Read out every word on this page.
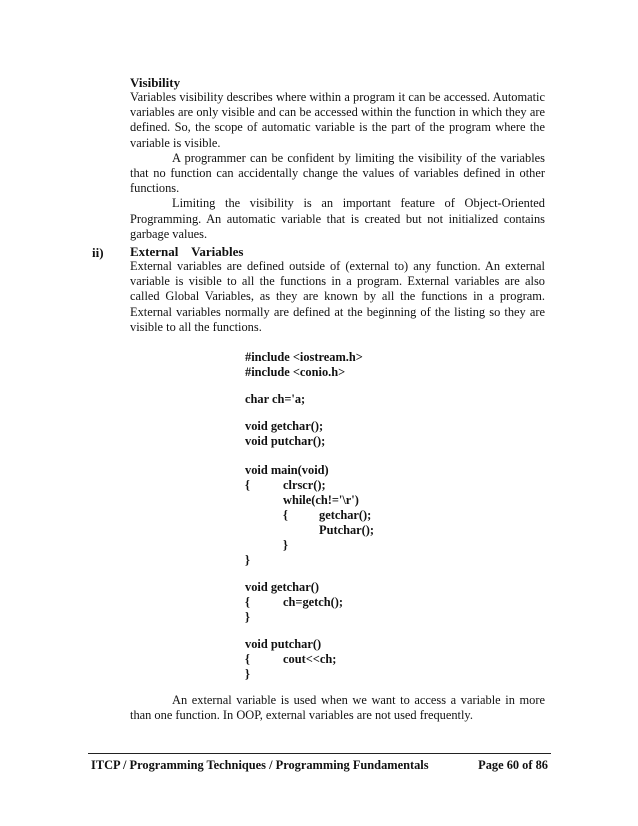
Visibility

Variables visibility describes where within a program it can be accessed. Automatic variables are only visible and can be accessed within the function in which they are defined. So, the scope of automatic variable is the part of the program where the variable is visible.

A programmer can be confident by limiting the visibility of the variables that no function can accidentally change the values of variables defined in other functions.

Limiting the visibility is an important feature of Object-Oriented Programming. An automatic variable that is created but not initialized contains garbage values.

ii) External    Variables

External variables are defined outside of (external to) any function. An external variable is visible to all the functions in a program. External variables are also called Global Variables, as they are known by all the functions in a program. External variables normally are defined at the beginning of the listing so they are visible to all the functions.

#include <iostream.h>
#include <conio.h>
char ch='a;
void getchar();
void putchar();
void main(void)
{	clrscr();
while(ch!='\r')
{	getchar();
Putchar();
}
}
void getchar()
{	ch=getch();
}
void putchar()
{	cout<<ch;
}

An external variable is used when we want to access a variable in more than one function. In OOP, external variables are not used frequently.

ITCP / Programming Techniques / Programming Fundamentals	Page 60 of 86
